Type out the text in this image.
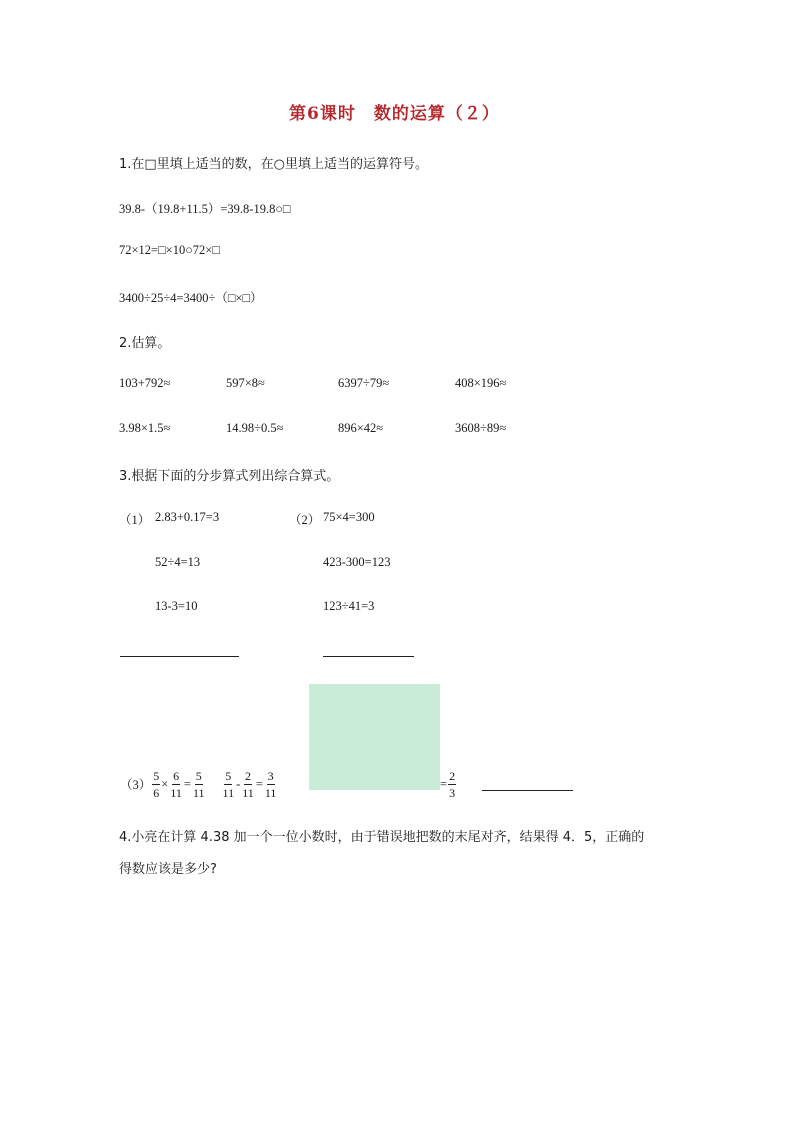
第6课时　数的运算（２）
1.在□里填上适当的数，在○里填上适当的运算符号。
39.8-（19.8+11.5）=39.8-19.8○□
72×12=□×10○72×□
3400÷25÷4=3400÷（□×□）
2.估算。
103+792≈	597×8≈	6397÷79≈	408×196≈
3.98×1.5≈	14.98÷0.5≈	896×42≈	3608÷89≈
3.根据下面的分步算式列出综合算式。
（1） 2.83+0.17=3
52÷4=13
13-3=10
（2） 75×4=300
423-300=123
123÷41=3
$(3) \frac{5}{6} \times \frac{6}{11} = \frac{5}{11} \frac{5}{11} - \frac{2}{11} = \frac{3}{11}$	= $\frac{2}{3}$
4.小亮在计算 4.38 加一个一位小数时，由于错误地把数的末尾对齐，结果得 4．5，正确的
得数应该是多少?
